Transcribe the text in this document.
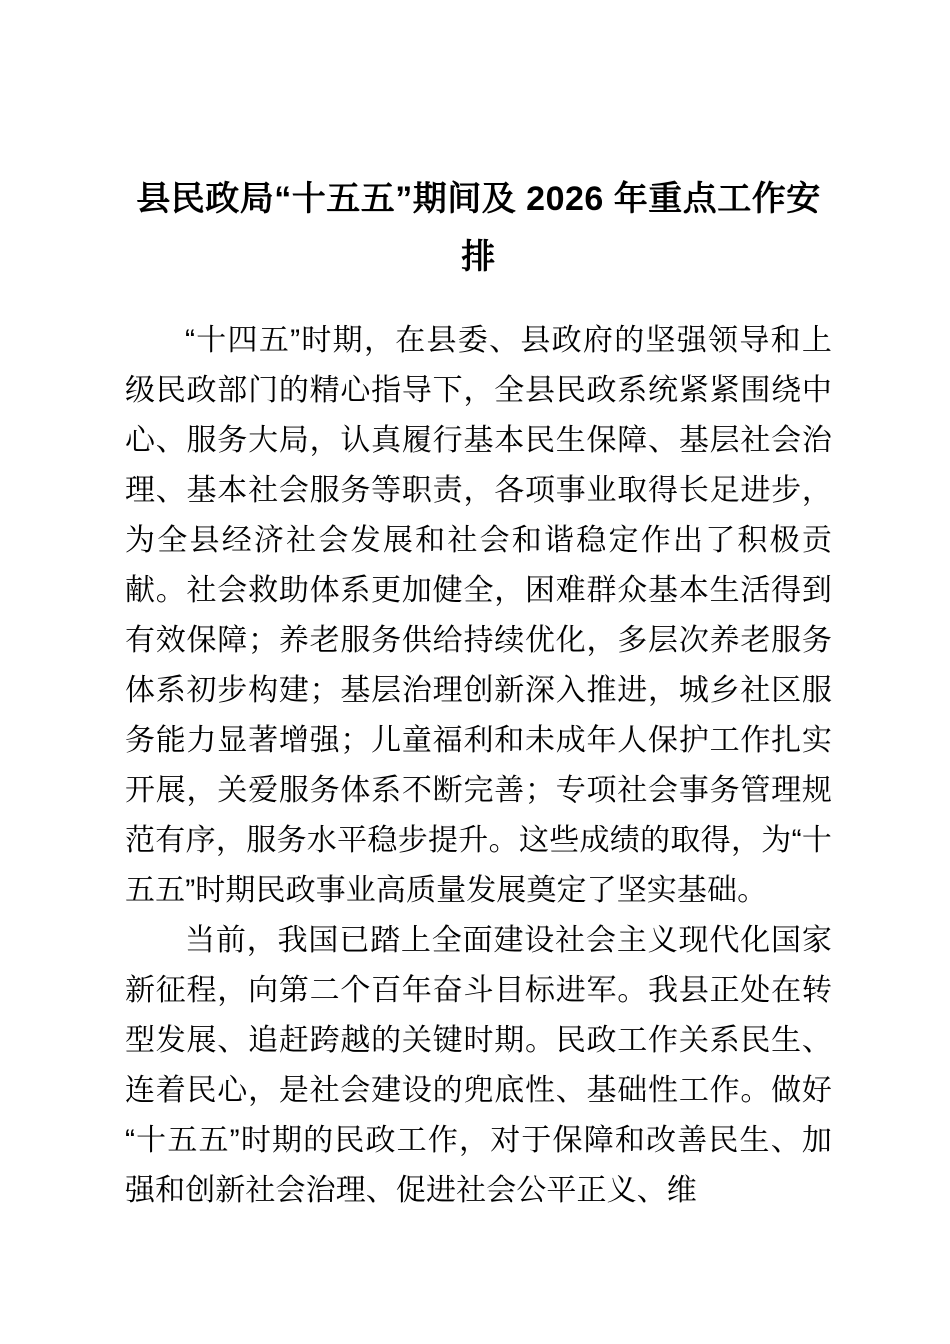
县民政局“十五五”期间及 2026 年重点工作安排

“十四五”时期，在县委、县政府的坚强领导和上级民政部门的精心指导下，全县民政系统紧紧围绕中心、服务大局，认真履行基本民生保障、基层社会治理、基本社会服务等职责，各项事业取得长足进步，为全县经济社会发展和社会和谐稳定作出了积极贡献。社会救助体系更加健全，困难群众基本生活得到有效保障；养老服务供给持续优化，多层次养老服务体系初步构建；基层治理创新深入推进，城乡社区服务能力显著增强；儿童福利和未成年人保护工作扎实开展，关爱服务体系不断完善；专项社会事务管理规范有序，服务水平稳步提升。这些成绩的取得，为“十五五”时期民政事业高质量发展奠定了坚实基础。

当前，我国已踏上全面建设社会主义现代化国家新征程，向第二个百年奋斗目标进军。我县正处在转型发展、追赶跨越的关键时期。民政工作关系民生、连着民心，是社会建设的兜底性、基础性工作。做好“十五五”时期的民政工作，对于保障和改善民生、加强和创新社会治理、促进社会公平正义、维
